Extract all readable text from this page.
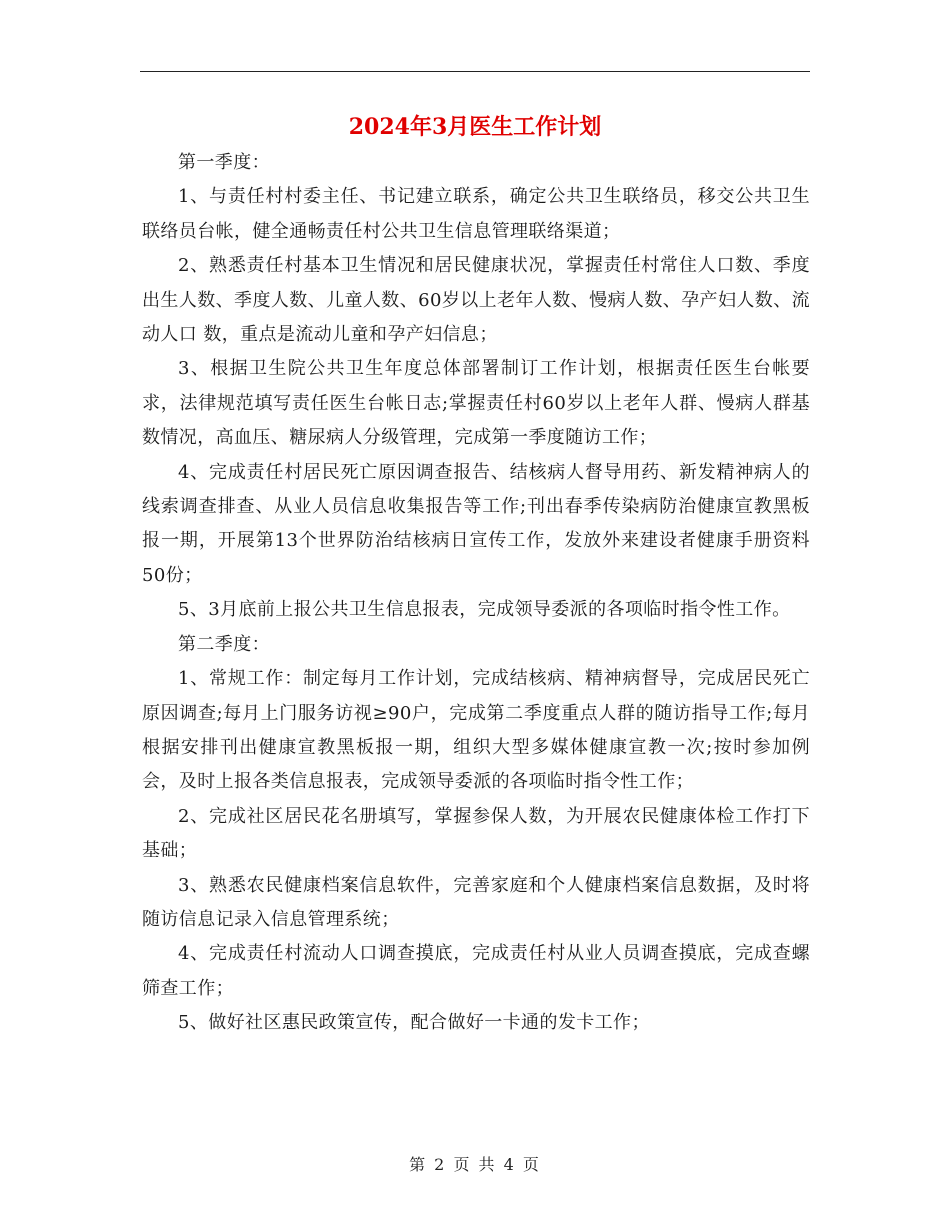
2024年3月医生工作计划

第一季度：

1、与责任村村委主任、书记建立联系，确定公共卫生联络员，移交公共卫生联络员台帐，健全通畅责任村公共卫生信息管理联络渠道；

2、熟悉责任村基本卫生情况和居民健康状况，掌握责任村常住人口数、季度出生人数、季度人数、儿童人数、60岁以上老年人数、慢病人数、孕产妇人数、流动人口 数，重点是流动儿童和孕产妇信息；

3、根据卫生院公共卫生年度总体部署制订工作计划，根据责任医生台帐要求，法律规范填写责任医生台帐日志;掌握责任村60岁以上老年人群、慢病人群基数情况，高血压、糖尿病人分级管理，完成第一季度随访工作；

4、完成责任村居民死亡原因调查报告、结核病人督导用药、新发精神病人的线索调查排查、从业人员信息收集报告等工作;刊出春季传染病防治健康宣教黑板报一期，开展第13个世界防治结核病日宣传工作，发放外来建设者健康手册资料50份；

5、3月底前上报公共卫生信息报表，完成领导委派的各项临时指令性工作。

第二季度：

1、常规工作：制定每月工作计划，完成结核病、精神病督导，完成居民死亡原因调查;每月上门服务访视≥90户，完成第二季度重点人群的随访指导工作;每月根据安排刊出健康宣教黑板报一期，组织大型多媒体健康宣教一次;按时参加例会，及时上报各类信息报表，完成领导委派的各项临时指令性工作；

2、完成社区居民花名册填写，掌握参保人数，为开展农民健康体检工作打下基础；

3、熟悉农民健康档案信息软件，完善家庭和个人健康档案信息数据，及时将随访信息记录入信息管理系统；

4、完成责任村流动人口调查摸底，完成责任村从业人员调查摸底，完成查螺筛查工作；

5、做好社区惠民政策宣传，配合做好一卡通的发卡工作；

第 2 页 共 4 页
